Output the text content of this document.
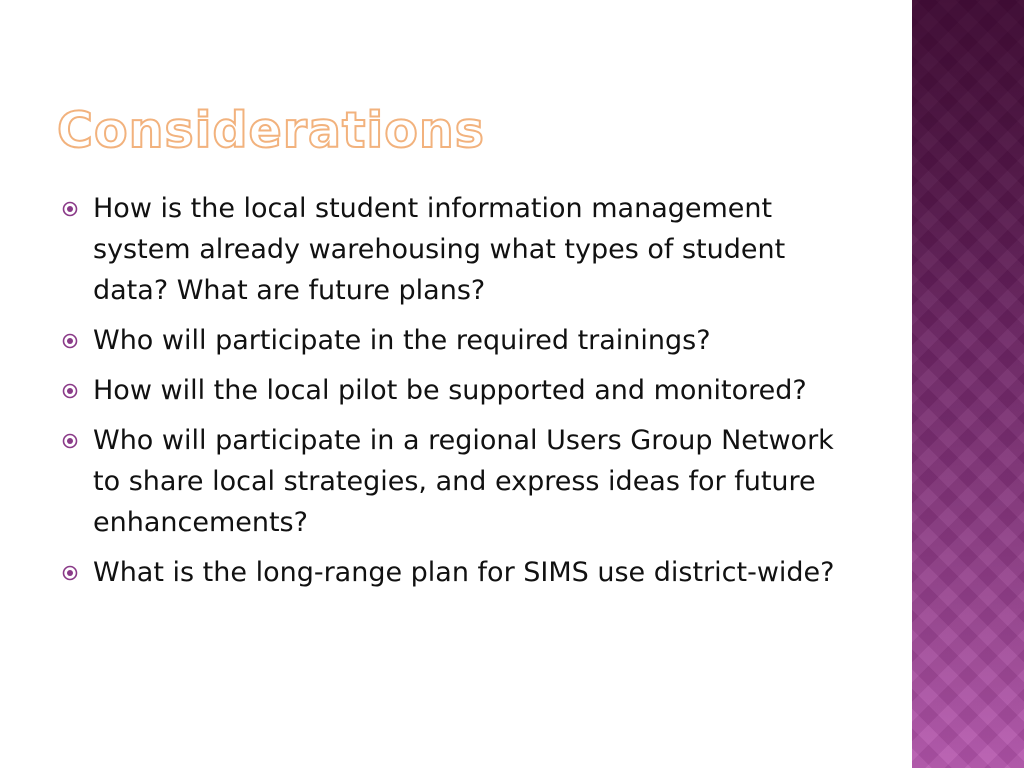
Considerations
How is the local student information management system already warehousing what types of student data? What are future plans?
Who will participate in the required trainings?
How will the local pilot be supported and monitored?
Who will participate in a regional Users Group Network to share local strategies, and express ideas for future enhancements?
What is the long-range plan for SIMS use district-wide?
